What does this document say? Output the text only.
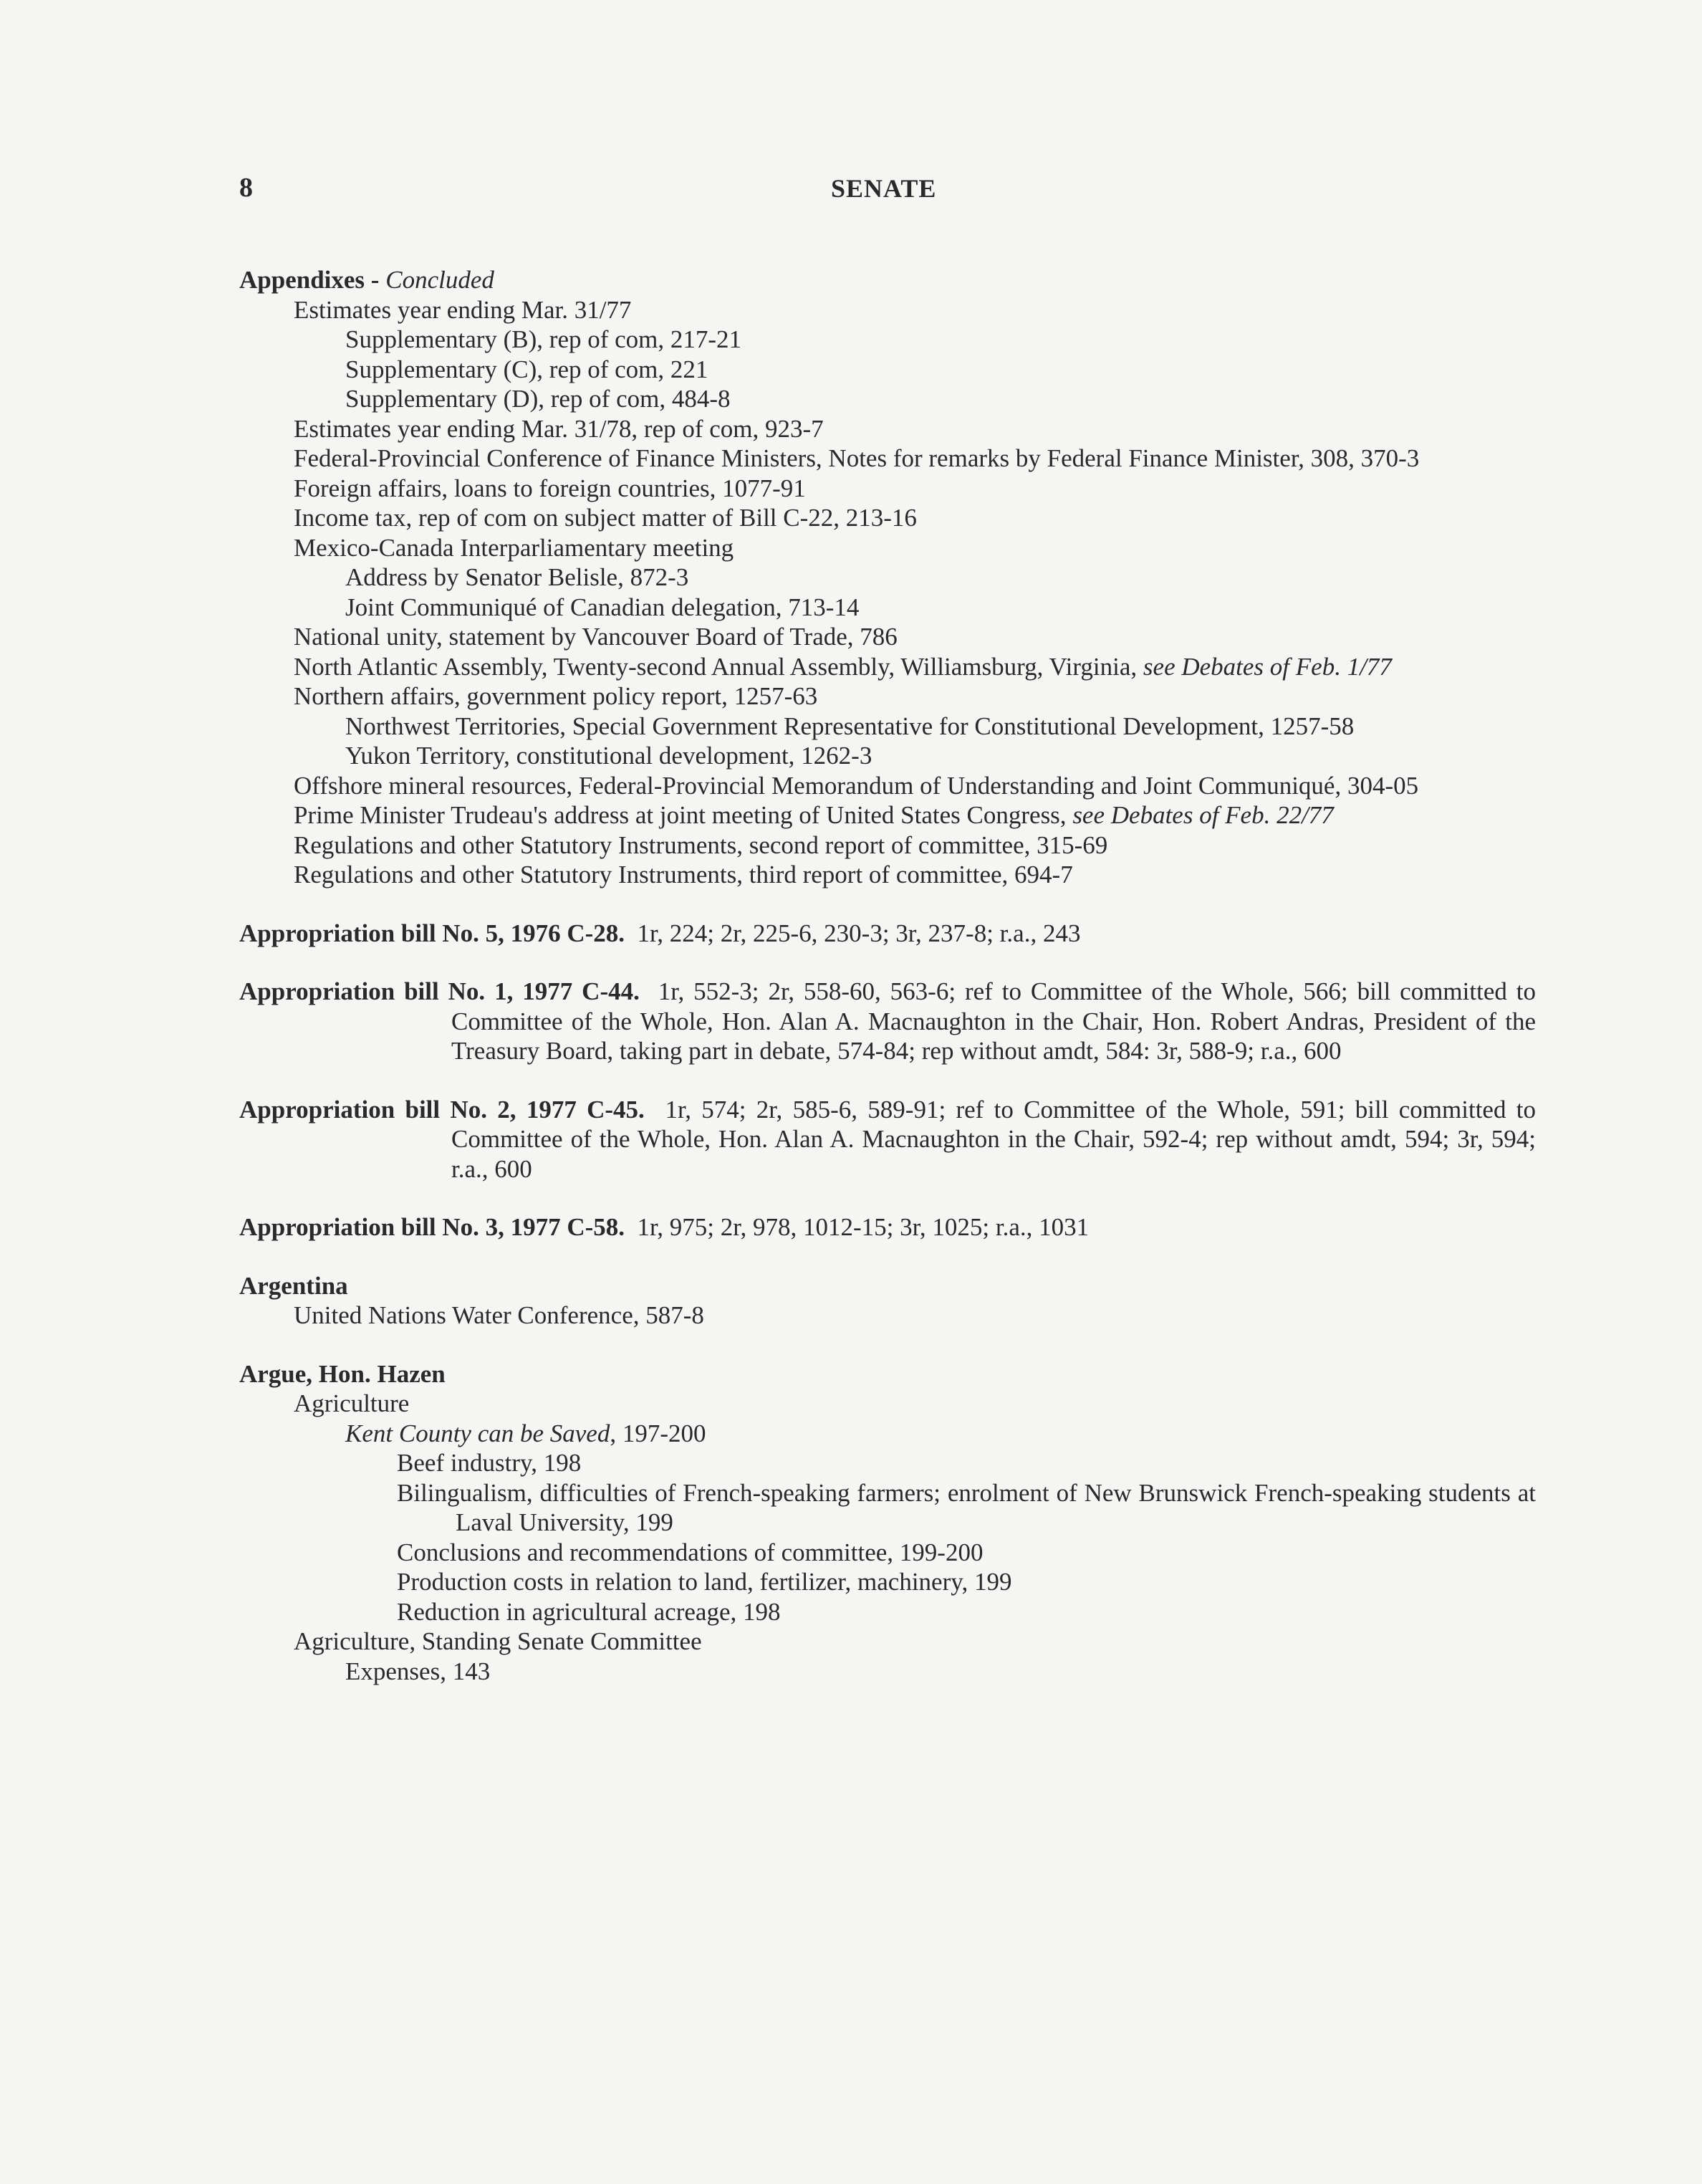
8	SENATE
Appendixes - Concluded
Estimates year ending Mar. 31/77
Supplementary (B), rep of com, 217-21
Supplementary (C), rep of com, 221
Supplementary (D), rep of com, 484-8
Estimates year ending Mar. 31/78, rep of com, 923-7
Federal-Provincial Conference of Finance Ministers, Notes for remarks by Federal Finance Minister, 308, 370-3
Foreign affairs, loans to foreign countries, 1077-91
Income tax, rep of com on subject matter of Bill C-22, 213-16
Mexico-Canada Interparliamentary meeting
Address by Senator Belisle, 872-3
Joint Communiqué of Canadian delegation, 713-14
National unity, statement by Vancouver Board of Trade, 786
North Atlantic Assembly, Twenty-second Annual Assembly, Williamsburg, Virginia, see Debates of Feb. 1/77
Northern affairs, government policy report, 1257-63
Northwest Territories, Special Government Representative for Constitutional Development, 1257-58
Yukon Territory, constitutional development, 1262-3
Offshore mineral resources, Federal-Provincial Memorandum of Understanding and Joint Communiqué, 304-05
Prime Minister Trudeau's address at joint meeting of United States Congress, see Debates of Feb. 22/77
Regulations and other Statutory Instruments, second report of committee, 315-69
Regulations and other Statutory Instruments, third report of committee, 694-7
Appropriation bill No. 5, 1976 C-28. 1r, 224; 2r, 225-6, 230-3; 3r, 237-8; r.a., 243
Appropriation bill No. 1, 1977 C-44. 1r, 552-3; 2r, 558-60, 563-6; ref to Committee of the Whole, 566; bill committed to Committee of the Whole, Hon. Alan A. Macnaughton in the Chair, Hon. Robert Andras, President of the Treasury Board, taking part in debate, 574-84; rep without amdt, 584: 3r, 588-9; r.a., 600
Appropriation bill No. 2, 1977 C-45. 1r, 574; 2r, 585-6, 589-91; ref to Committee of the Whole, 591; bill committed to Committee of the Whole, Hon. Alan A. Macnaughton in the Chair, 592-4; rep without amdt, 594; 3r, 594; r.a., 600
Appropriation bill No. 3, 1977 C-58. 1r, 975; 2r, 978, 1012-15; 3r, 1025; r.a., 1031
Argentina
United Nations Water Conference, 587-8
Argue, Hon. Hazen
Agriculture
Kent County can be Saved, 197-200
Beef industry, 198
Bilingualism, difficulties of French-speaking farmers; enrolment of New Brunswick French-speaking students at Laval University, 199
Conclusions and recommendations of committee, 199-200
Production costs in relation to land, fertilizer, machinery, 199
Reduction in agricultural acreage, 198
Agriculture, Standing Senate Committee
Expenses, 143
